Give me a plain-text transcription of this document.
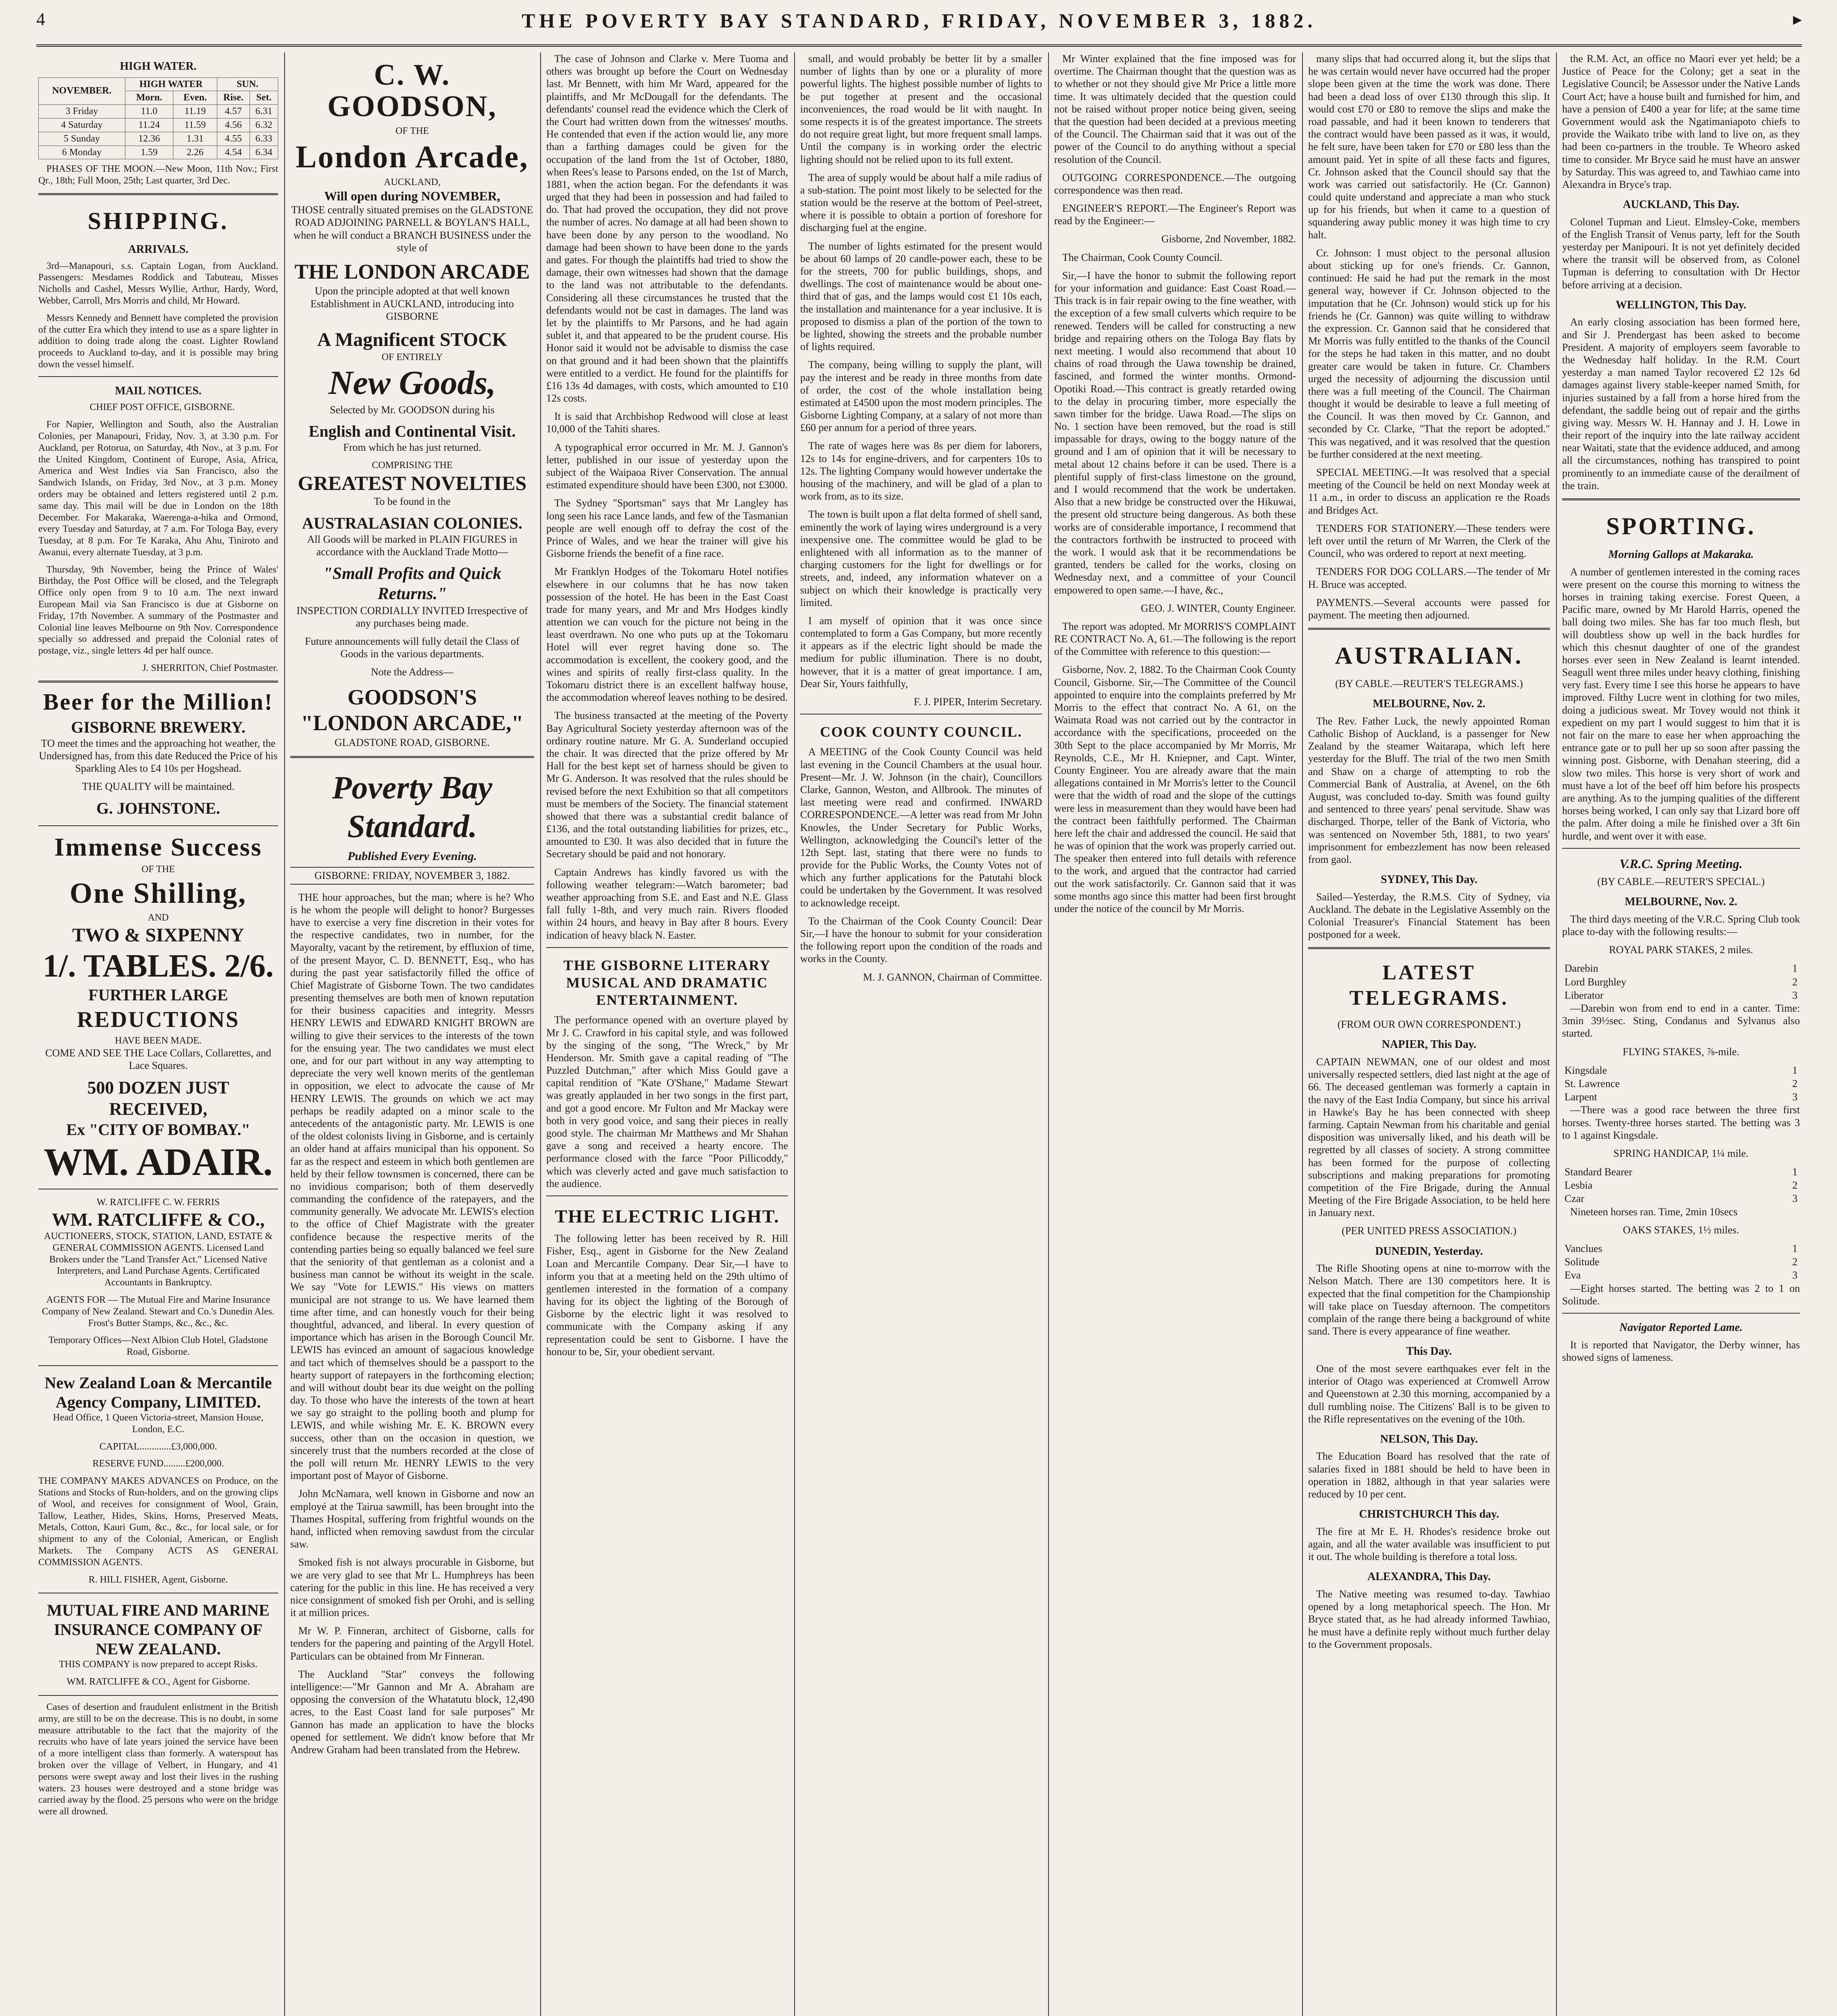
4	THE POVERTY BAY STANDARD, FRIDAY, NOVEMBER 3, 1882.	▸
HIGH WATER.
NOVEMBER.	HIGH WATER		SUN.	
	Morn.	Even.	Rise.	Set.
3 Friday	11.0	11.19	4.57	6.31
4 Saturday	11.24	11.59	4.56	6.32
5 Sunday	12.36	1.31	4.55	6.33
6 Monday	1.59	2.26	4.54	6.34

PHASES OF THE MOON.—New Moon, 11th Nov.; First Qr., 18th; Full Moon, 25th; Last quarter, 3rd Dec.

SHIPPING.
ARRIVALS.

3rd—Manapouri, s.s. Captain Logan, from Auckland. Passengers: Mesdames Roddick and Tabuteau, Misses Nicholls and Cashel, Messrs Wyllie, Arthur, Hardy, Word, Webber, Carroll, Mrs Morris and child, Mr Howard.

Messrs Kennedy and Bennett have completed the provision of the cutter Era which they intend to use as a spare lighter in addition to doing trade along the coast. Lighter Rowland proceeds to Auckland to-day, and it is possible may bring down the vessel himself.

MAIL NOTICES.

CHIEF POST OFFICE, GISBORNE.

For Napier, Wellington and South, also the Australian Colonies, per Manapouri, Friday, Nov. 3, at 3.30 p.m. For Auckland, per Rotorua, on Saturday, 4th Nov., at 3 p.m. For the United Kingdom, Continent of Europe, Asia, Africa, America and West Indies via San Francisco, also the Sandwich Islands, on Friday, 3rd Nov., at 3 p.m. Money orders may be obtained and letters registered until 2 p.m. same day. This mail will be due in London on the 18th December. For Makaraka, Waerenga-a-hika and Ormond, every Tuesday and Saturday, at 7 a.m. For Tologa Bay, every Tuesday, at 8 p.m. For Te Karaka, Ahu Ahu, Tiniroto and Awanui, every alternate Tuesday, at 3 p.m.

Thursday, 9th November, being the Prince of Wales' Birthday, the Post Office will be closed, and the Telegraph Office only open from 9 to 10 a.m. The next inward European Mail via San Francisco is due at Gisborne on Friday, 17th November. A summary of the Postmaster and Colonial line leaves Melbourne on 9th Nov. Correspondence specially so addressed and prepaid the Colonial rates of postage, viz., single letters 4d per half ounce.

J. SHERRITON, Chief Postmaster.

Beer for the Million!
GISBORNE BREWERY.

TO meet the times and the approaching hot weather, the Undersigned has, from this date Reduced the Price of his Sparkling Ales to £4 10s per Hogshead.

THE QUALITY will be maintained.

G. JOHNSTONE.
Immense Success
OF THE
One Shilling,
AND
TWO & SIXPENNY
1/. TABLES. 2/6.
FURTHER LARGE
REDUCTIONS
HAVE BEEN MADE.

COME AND SEE THE Lace Collars, Collarettes, and Lace Squares.

500 DOZEN JUST RECEIVED,
Ex "CITY OF BOMBAY."
WM. ADAIR.
W. RATCLIFFE C. W. FERRIS
WM. RATCLIFFE & CO.,

AUCTIONEERS, STOCK, STATION, LAND, ESTATE & GENERAL COMMISSION AGENTS. Licensed Land Brokers under the "Land Transfer Act." Licensed Native Interpreters, and Land Purchase Agents. Certificated Accountants in Bankruptcy.

AGENTS FOR — The Mutual Fire and Marine Insurance Company of New Zealand. Stewart and Co.'s Dunedin Ales. Frost's Butter Stamps, &c., &c., &c.

Temporary Offices—Next Albion Club Hotel, Gladstone Road, Gisborne.

New Zealand Loan & Mercantile Agency Company, LIMITED.

Head Office, 1 Queen Victoria-street, Mansion House, London, E.C.

CAPITAL.............£3,000,000.

RESERVE FUND.........£200,000.

THE COMPANY MAKES ADVANCES on Produce, on the Stations and Stocks of Run-holders, and on the growing clips of Wool, and receives for consignment of Wool, Grain, Tallow, Leather, Hides, Skins, Horns, Preserved Meats, Metals, Cotton, Kauri Gum, &c., &c., for local sale, or for shipment to any of the Colonial, American, or English Markets. The Company ACTS AS GENERAL COMMISSION AGENTS.

R. HILL FISHER, Agent, Gisborne.

MUTUAL FIRE AND MARINE INSURANCE COMPANY OF NEW ZEALAND.

THIS COMPANY is now prepared to accept Risks.

WM. RATCLIFFE & CO., Agent for Gisborne.

Cases of desertion and fraudulent enlistment in the British army, are still to be on the decrease. This is no doubt, in some measure attributable to the fact that the majority of the recruits who have of late years joined the service have been of a more intelligent class than formerly. A waterspout has broken over the village of Velbert, in Hungary, and 41 persons were swept away and lost their lives in the rushing waters. 23 houses were destroyed and a stone bridge was carried away by the flood. 25 persons who were on the bridge were all drowned.

C. W. GOODSON,
OF THE
London Arcade,
AUCKLAND,
Will open during NOVEMBER,

THOSE centrally situated premises on the GLADSTONE ROAD ADJOINING PARNELL & BOYLAN'S HALL, when he will conduct a BRANCH BUSINESS under the style of

THE LONDON ARCADE

Upon the principle adopted at that well known Establishment in AUCKLAND, introducing into GISBORNE

A Magnificent STOCK
OF ENTIRELY
New Goods,

Selected by Mr. GOODSON during his

English and Continental Visit.

From which he has just returned.

COMPRISING THE
GREATEST NOVELTIES

To be found in the

AUSTRALASIAN COLONIES.

All Goods will be marked in PLAIN FIGURES in accordance with the Auckland Trade Motto—

"Small Profits and Quick Returns."

INSPECTION CORDIALLY INVITED Irrespective of any purchases being made.

Future announcements will fully detail the Class of Goods in the various departments.

Note the Address—

GOODSON'S
"LONDON ARCADE,"

GLADSTONE ROAD, GISBORNE.

Poverty Bay Standard.
Published Every Evening.
GISBORNE: FRIDAY, NOVEMBER 3, 1882.

THE hour approaches, but the man; where is he? Who is he whom the people will delight to honor? Burgesses have to exercise a very fine discretion in their votes for the respective candidates, two in number, for the Mayoralty, vacant by the retirement, by effluxion of time, of the present Mayor, C. D. BENNETT, Esq., who has during the past year satisfactorily filled the office of Chief Magistrate of Gisborne Town. The two candidates presenting themselves are both men of known reputation for their business capacities and integrity. Messrs HENRY LEWIS and EDWARD KNIGHT BROWN are willing to give their services to the interests of the town for the ensuing year. The two candidates we must elect one, and for our part without in any way attempting to depreciate the very well known merits of the gentleman in opposition, we elect to advocate the cause of Mr HENRY LEWIS. The grounds on which we act may perhaps be readily adapted on a minor scale to the antecedents of the antagonistic party. Mr. LEWIS is one of the oldest colonists living in Gisborne, and is certainly an older hand at affairs municipal than his opponent. So far as the respect and esteem in which both gentlemen are held by their fellow townsmen is concerned, there can be no invidious comparison; both of them deservedly commanding the confidence of the ratepayers, and the community generally. We advocate Mr. LEWIS's election to the office of Chief Magistrate with the greater confidence because the respective merits of the contending parties being so equally balanced we feel sure that the seniority of that gentleman as a colonist and a business man cannot be without its weight in the scale. We say "Vote for LEWIS." His views on matters municipal are not strange to us. We have learned them time after time, and can honestly vouch for their being thoughtful, advanced, and liberal. In every question of importance which has arisen in the Borough Council Mr. LEWIS has evinced an amount of sagacious knowledge and tact which of themselves should be a passport to the hearty support of ratepayers in the forthcoming election; and will without doubt bear its due weight on the polling day. To those who have the interests of the town at heart we say go straight to the polling booth and plump for LEWIS, and while wishing Mr. E. K. BROWN every success, other than on the occasion in question, we sincerely trust that the numbers recorded at the close of the poll will return Mr. HENRY LEWIS to the very important post of Mayor of Gisborne.

John McNamara, well known in Gisborne and now an employé at the Tairua sawmill, has been brought into the Thames Hospital, suffering from frightful wounds on the hand, inflicted when removing sawdust from the circular saw.

Smoked fish is not always procurable in Gisborne, but we are very glad to see that Mr L. Humphreys has been catering for the public in this line. He has received a very nice consignment of smoked fish per Orohi, and is selling it at million prices.

Mr W. P. Finneran, architect of Gisborne, calls for tenders for the papering and painting of the Argyll Hotel. Particulars can be obtained from Mr Finneran.

The Auckland "Star" conveys the following intelligence:—"Mr Gannon and Mr A. Abraham are opposing the conversion of the Whatatutu block, 12,490 acres, to the East Coast land for sale purposes" Mr Gannon has made an application to have the blocks opened for settlement. We didn't know before that Mr Andrew Graham had been translated from the Hebrew.

The case of Johnson and Clarke v. Mere Tuoma and others was brought up before the Court on Wednesday last. Mr Bennett, with him Mr Ward, appeared for the plaintiffs, and Mr McDougall for the defendants. The defendants' counsel read the evidence which the Clerk of the Court had written down from the witnesses' mouths. He contended that even if the action would lie, any more than a farthing damages could be given for the occupation of the land from the 1st of October, 1880, when Rees's lease to Parsons ended, on the 1st of March, 1881, when the action began. For the defendants it was urged that they had been in possession and had failed to do. That had proved the occupation, they did not prove the number of acres. No damage at all had been shown to have been done by any person to the woodland. No damage had been shown to have been done to the yards and gates. For though the plaintiffs had tried to show the damage, their own witnesses had shown that the damage to the land was not attributable to the defendants. Considering all these circumstances he trusted that the defendants would not be cast in damages. The land was let by the plaintiffs to Mr Parsons, and he had again sublet it, and that appeared to be the prudent course. His Honor said it would not be advisable to dismiss the case on that ground and it had been shown that the plaintiffs were entitled to a verdict. He found for the plaintiffs for £16 13s 4d damages, with costs, which amounted to £10 12s costs.

It is said that Archbishop Redwood will close at least 10,000 of the Tahiti shares.

A typographical error occurred in Mr. M. J. Gannon's letter, published in our issue of yesterday upon the subject of the Waipaoa River Conservation. The annual estimated expenditure should have been £300, not £3000.

The Sydney "Sportsman" says that Mr Langley has long seen his race Lance lands, and few of the Tasmanian people are well enough off to defray the cost of the Prince of Wales, and we hear the trainer will give his Gisborne friends the benefit of a fine race.

Mr Franklyn Hodges of the Tokomaru Hotel notifies elsewhere in our columns that he has now taken possession of the hotel. He has been in the East Coast trade for many years, and Mr and Mrs Hodges kindly attention we can vouch for the picture not being in the least overdrawn. No one who puts up at the Tokomaru Hotel will ever regret having done so. The accommodation is excellent, the cookery good, and the wines and spirits of really first-class quality. In the Tokomaru district there is an excellent halfway house, the accommodation whereof leaves nothing to be desired.

The business transacted at the meeting of the Poverty Bay Agricultural Society yesterday afternoon was of the ordinary routine nature. Mr G. A. Sunderland occupied the chair. It was directed that the prize offered by Mr Hall for the best kept set of harness should be given to Mr G. Anderson. It was resolved that the rules should be revised before the next Exhibition so that all competitors must be members of the Society. The financial statement showed that there was a substantial credit balance of £136, and the total outstanding liabilities for prizes, etc., amounted to £30. It was also decided that in future the Secretary should be paid and not honorary.

Captain Andrews has kindly favored us with the following weather telegram:—Watch barometer; bad weather approaching from S.E. and East and N.E. Glass fall fully 1-8th, and very much rain. Rivers flooded within 24 hours, and heavy in Bay after 8 hours. Every indication of heavy black N. Easter.

THE GISBORNE LITERARY MUSICAL AND DRAMATIC ENTERTAINMENT.

The performance opened with an overture played by Mr J. C. Crawford in his capital style, and was followed by the singing of the song, "The Wreck," by Mr Henderson. Mr. Smith gave a capital reading of "The Puzzled Dutchman," after which Miss Gould gave a capital rendition of "Kate O'Shane," Madame Stewart was greatly applauded in her two songs in the first part, and got a good encore. Mr Fulton and Mr Mackay were both in very good voice, and sang their pieces in really good style. The chairman Mr Matthews and Mr Shahan gave a song and received a hearty encore. The performance closed with the farce "Poor Pillicoddy," which was cleverly acted and gave much satisfaction to the audience.

THE ELECTRIC LIGHT.

The following letter has been received by R. Hill Fisher, Esq., agent in Gisborne for the New Zealand Loan and Mercantile Company. Dear Sir,—I have to inform you that at a meeting held on the 29th ultimo of gentlemen interested in the formation of a company having for its object the lighting of the Borough of Gisborne by the electric light it was resolved to communicate with the Company asking if any representation could be sent to Gisborne. I have the honour to be, Sir, your obedient servant.

small, and would probably be better lit by a smaller number of lights than by one or a plurality of more powerful lights. The highest possible number of lights to be put together at present and the occasional inconveniences, the road would be lit with naught. In some respects it is of the greatest importance. The streets do not require great light, but more frequent small lamps. Until the company is in working order the electric lighting should not be relied upon to its full extent.

The area of supply would be about half a mile radius of a sub-station. The point most likely to be selected for the station would be the reserve at the bottom of Peel-street, where it is possible to obtain a portion of foreshore for discharging fuel at the engine.

The number of lights estimated for the present would be about 60 lamps of 20 candle-power each, these to be for the streets, 700 for public buildings, shops, and dwellings. The cost of maintenance would be about one-third that of gas, and the lamps would cost £1 10s each, the installation and maintenance for a year inclusive. It is proposed to dismiss a plan of the portion of the town to be lighted, showing the streets and the probable number of lights required.

The company, being willing to supply the plant, will pay the interest and be ready in three months from date of order, the cost of the whole installation being estimated at £4500 upon the most modern principles. The Gisborne Lighting Company, at a salary of not more than £60 per annum for a period of three years.

The rate of wages here was 8s per diem for laborers, 12s to 14s for engine-drivers, and for carpenters 10s to 12s. The lighting Company would however undertake the housing of the machinery, and will be glad of a plan to work from, as to its size.

The town is built upon a flat delta formed of shell sand, eminently the work of laying wires underground is a very inexpensive one. The committee would be glad to be enlightened with all information as to the manner of charging customers for the light for dwellings or for streets, and, indeed, any information whatever on a subject on which their knowledge is practically very limited.

I am myself of opinion that it was once since contemplated to form a Gas Company, but more recently it appears as if the electric light should be made the medium for public illumination. There is no doubt, however, that it is a matter of great importance. I am, Dear Sir, Yours faithfully,

F. J. PIPER, Interim Secretary.

COOK COUNTY COUNCIL.

A MEETING of the Cook County Council was held last evening in the Council Chambers at the usual hour. Present—Mr. J. W. Johnson (in the chair), Councillors Clarke, Gannon, Weston, and Allbrook. The minutes of last meeting were read and confirmed. INWARD CORRESPONDENCE.—A letter was read from Mr John Knowles, the Under Secretary for Public Works, Wellington, acknowledging the Council's letter of the 12th Sept. last, stating that there were no funds to provide for the Public Works, the County Votes not of which any further applications for the Patutahi block could be undertaken by the Government. It was resolved to acknowledge receipt.

To the Chairman of the Cook County Council: Dear Sir,—I have the honour to submit for your consideration the following report upon the condition of the roads and works in the County.

M. J. GANNON, Chairman of Committee.

Mr Winter explained that the fine imposed was for overtime. The Chairman thought that the question was as to whether or not they should give Mr Price a little more time. It was ultimately decided that the question could not be raised without proper notice being given, seeing that the question had been decided at a previous meeting of the Council. The Chairman said that it was out of the power of the Council to do anything without a special resolution of the Council.

OUTGOING CORRESPONDENCE.—The outgoing correspondence was then read.

ENGINEER'S REPORT.—The Engineer's Report was read by the Engineer:—

Gisborne, 2nd November, 1882.

The Chairman, Cook County Council.

Sir,—I have the honor to submit the following report for your information and guidance: East Coast Road.—This track is in fair repair owing to the fine weather, with the exception of a few small culverts which require to be renewed. Tenders will be called for constructing a new bridge and repairing others on the Tologa Bay flats by next meeting. I would also recommend that about 10 chains of road through the Uawa township be drained, fascined, and formed the winter months. Ormond-Opotiki Road.—This contract is greatly retarded owing to the delay in procuring timber, more especially the sawn timber for the bridge. Uawa Road.—The slips on No. 1 section have been removed, but the road is still impassable for drays, owing to the boggy nature of the ground and I am of opinion that it will be necessary to metal about 12 chains before it can be used. There is a plentiful supply of first-class limestone on the ground, and I would recommend that the work be undertaken. Also that a new bridge be constructed over the Hikuwai, the present old structure being dangerous. As both these works are of considerable importance, I recommend that the contractors forthwith be instructed to proceed with the work. I would ask that it be recommendations be granted, tenders be called for the works, closing on Wednesday next, and a committee of your Council empowered to open same.—I have, &c.,

GEO. J. WINTER, County Engineer.

The report was adopted. Mr MORRIS'S COMPLAINT RE CONTRACT No. A, 61.—The following is the report of the Committee with reference to this question:—

Gisborne, Nov. 2, 1882. To the Chairman Cook County Council, Gisborne. Sir,—The Committee of the Council appointed to enquire into the complaints preferred by Mr Morris to the effect that contract No. A 61, on the Waimata Road was not carried out by the contractor in accordance with the specifications, proceeded on the 30th Sept to the place accompanied by Mr Morris, Mr Reynolds, C.E., Mr H. Kniepner, and Capt. Winter, County Engineer. You are already aware that the main allegations contained in Mr Morris's letter to the Council were that the width of road and the slope of the cuttings were less in measurement than they would have been had the contract been faithfully performed. The Chairman here left the chair and addressed the council. He said that he was of opinion that the work was properly carried out. The speaker then entered into full details with reference to the work, and argued that the contractor had carried out the work satisfactorily. Cr. Gannon said that it was some months ago since this matter had been first brought under the notice of the council by Mr Morris.

many slips that had occurred along it, but the slips that he was certain would never have occurred had the proper slope been given at the time the work was done. There had been a dead loss of over £130 through this slip. It would cost £70 or £80 to remove the slips and make the road passable, and had it been known to tenderers that the contract would have been passed as it was, it would, he felt sure, have been taken for £70 or £80 less than the amount paid. Yet in spite of all these facts and figures, Cr. Johnson asked that the Council should say that the work was carried out satisfactorily. He (Cr. Gannon) could quite understand and appreciate a man who stuck up for his friends, but when it came to a question of squandering away public money it was high time to cry halt.

Cr. Johnson: I must object to the personal allusion about sticking up for one's friends. Cr. Gannon, continued: He said he had put the remark in the most general way, however if Cr. Johnson objected to the imputation that he (Cr. Johnson) would stick up for his friends he (Cr. Gannon) was quite willing to withdraw the expression. Cr. Gannon said that he considered that Mr Morris was fully entitled to the thanks of the Council for the steps he had taken in this matter, and no doubt greater care would be taken in future. Cr. Chambers urged the necessity of adjourning the discussion until there was a full meeting of the Council. The Chairman thought it would be desirable to leave a full meeting of the Council. It was then moved by Cr. Gannon, and seconded by Cr. Clarke, "That the report be adopted." This was negatived, and it was resolved that the question be further considered at the next meeting.

SPECIAL MEETING.—It was resolved that a special meeting of the Council be held on next Monday week at 11 a.m., in order to discuss an application re the Roads and Bridges Act.

TENDERS FOR STATIONERY.—These tenders were left over until the return of Mr Warren, the Clerk of the Council, who was ordered to report at next meeting.

TENDERS FOR DOG COLLARS.—The tender of Mr H. Bruce was accepted.

PAYMENTS.—Several accounts were passed for payment. The meeting then adjourned.

AUSTRALIAN.

(BY CABLE.—REUTER'S TELEGRAMS.)

MELBOURNE, Nov. 2.

The Rev. Father Luck, the newly appointed Roman Catholic Bishop of Auckland, is a passenger for New Zealand by the steamer Waitarapa, which left here yesterday for the Bluff. The trial of the two men Smith and Shaw on a charge of attempting to rob the Commercial Bank of Australia, at Avenel, on the 6th August, was concluded to-day. Smith was found guilty and sentenced to three years' penal servitude. Shaw was discharged. Thorpe, teller of the Bank of Victoria, who was sentenced on November 5th, 1881, to two years' imprisonment for embezzlement has now been released from gaol.

SYDNEY, This Day.

Sailed—Yesterday, the R.M.S. City of Sydney, via Auckland. The debate in the Legislative Assembly on the Colonial Treasurer's Financial Statement has been postponed for a week.

LATEST TELEGRAMS.

(FROM OUR OWN CORRESPONDENT.)

NAPIER, This Day.

CAPTAIN NEWMAN, one of our oldest and most universally respected settlers, died last night at the age of 66. The deceased gentleman was formerly a captain in the navy of the East India Company, but since his arrival in Hawke's Bay he has been connected with sheep farming. Captain Newman from his charitable and genial disposition was universally liked, and his death will be regretted by all classes of society. A strong committee has been formed for the purpose of collecting subscriptions and making preparations for promoting competition of the Fire Brigade, during the Annual Meeting of the Fire Brigade Association, to be held here in January next.

(PER UNITED PRESS ASSOCIATION.)

DUNEDIN, Yesterday.

The Rifle Shooting opens at nine to-morrow with the Nelson Match. There are 130 competitors here. It is expected that the final competition for the Championship will take place on Tuesday afternoon. The competitors complain of the range there being a background of white sand. There is every appearance of fine weather.

This Day.

One of the most severe earthquakes ever felt in the interior of Otago was experienced at Cromwell Arrow and Queenstown at 2.30 this morning, accompanied by a dull rumbling noise. The Citizens' Ball is to be given to the Rifle representatives on the evening of the 10th.

NELSON, This Day.

The Education Board has resolved that the rate of salaries fixed in 1881 should be held to have been in operation in 1882, although in that year salaries were reduced by 10 per cent.

CHRISTCHURCH This day.

The fire at Mr E. H. Rhodes's residence broke out again, and all the water available was insufficient to put it out. The whole building is therefore a total loss.

ALEXANDRA, This Day.

The Native meeting was resumed to-day. Tawhiao opened by a long metaphorical speech. The Hon. Mr Bryce stated that, as he had already informed Tawhiao, he must have a definite reply without much further delay to the Government proposals.

the R.M. Act, an office no Maori ever yet held; be a Justice of Peace for the Colony; get a seat in the Legislative Council; be Assessor under the Native Lands Court Act; have a house built and furnished for him, and have a pension of £400 a year for life; at the same time Government would ask the Ngatimaniapoto chiefs to provide the Waikato tribe with land to live on, as they had been co-partners in the trouble. Te Wheoro asked time to consider. Mr Bryce said he must have an answer by Saturday. This was agreed to, and Tawhiao came into Alexandra in Bryce's trap.

AUCKLAND, This Day.

Colonel Tupman and Lieut. Elmsley-Coke, members of the English Transit of Venus party, left for the South yesterday per Manipouri. It is not yet definitely decided where the transit will be observed from, as Colonel Tupman is deferring to consultation with Dr Hector before arriving at a decision.

WELLINGTON, This Day.

An early closing association has been formed here, and Sir J. Prendergast has been asked to become President. A majority of employers seem favorable to the Wednesday half holiday. In the R.M. Court yesterday a man named Taylor recovered £2 12s 6d damages against livery stable-keeper named Smith, for injuries sustained by a fall from a horse hired from the defendant, the saddle being out of repair and the girths giving way. Messrs W. H. Hannay and J. H. Lowe in their report of the inquiry into the late railway accident near Waitati, state that the evidence adduced, and among all the circumstances, nothing has transpired to point prominently to an immediate cause of the derailment of the train.

SPORTING.
Morning Gallops at Makaraka.

A number of gentlemen interested in the coming races were present on the course this morning to witness the horses in training taking exercise. Forest Queen, a Pacific mare, owned by Mr Harold Harris, opened the ball doing two miles. She has far too much flesh, but will doubtless show up well in the back hurdles for which this chesnut daughter of one of the grandest horses ever seen in New Zealand is learnt intended. Seagull went three miles under heavy clothing, finishing very fast. Every time I see this horse he appears to have improved. Filthy Lucre went in clothing for two miles, doing a judicious sweat. Mr Tovey would not think it expedient on my part I would suggest to him that it is not fair on the mare to ease her when approaching the entrance gate or to pull her up so soon after passing the winning post. Gisborne, with Denahan steering, did a slow two miles. This horse is very short of work and must have a lot of the beef off him before his prospects are anything. As to the jumping qualities of the different horses being worked, I can only say that Lizard bore off the palm. After doing a mile he finished over a 3ft 6in hurdle, and went over it with ease.

V.R.C. Spring Meeting.

(BY CABLE.—REUTER'S SPECIAL.)

MELBOURNE, Nov. 2.

The third days meeting of the V.R.C. Spring Club took place to-day with the following results:—

ROYAL PARK STAKES, 2 miles.

Darebin	1
Lord Burghley	2
Liberator	3

—Darebin won from end to end in a canter. Time: 3min 39½sec. Sting, Condanus and Sylvanus also started.

FLYING STAKES, ⅞-mile.

Kingsdale	1
St. Lawrence	2
Larpent	3

—There was a good race between the three first horses. Twenty-three horses started. The betting was 3 to 1 against Kingsdale.

SPRING HANDICAP, 1¼ mile.

Standard Bearer	1
Lesbia	2
Czar	3

Nineteen horses ran. Time, 2min 10secs

OAKS STAKES, 1½ miles.

Vanclues	1
Solitude	2
Eva	3

—Eight horses started. The betting was 2 to 1 on Solitude.

Navigator Reported Lame.

It is reported that Navigator, the Derby winner, has showed signs of lameness.
